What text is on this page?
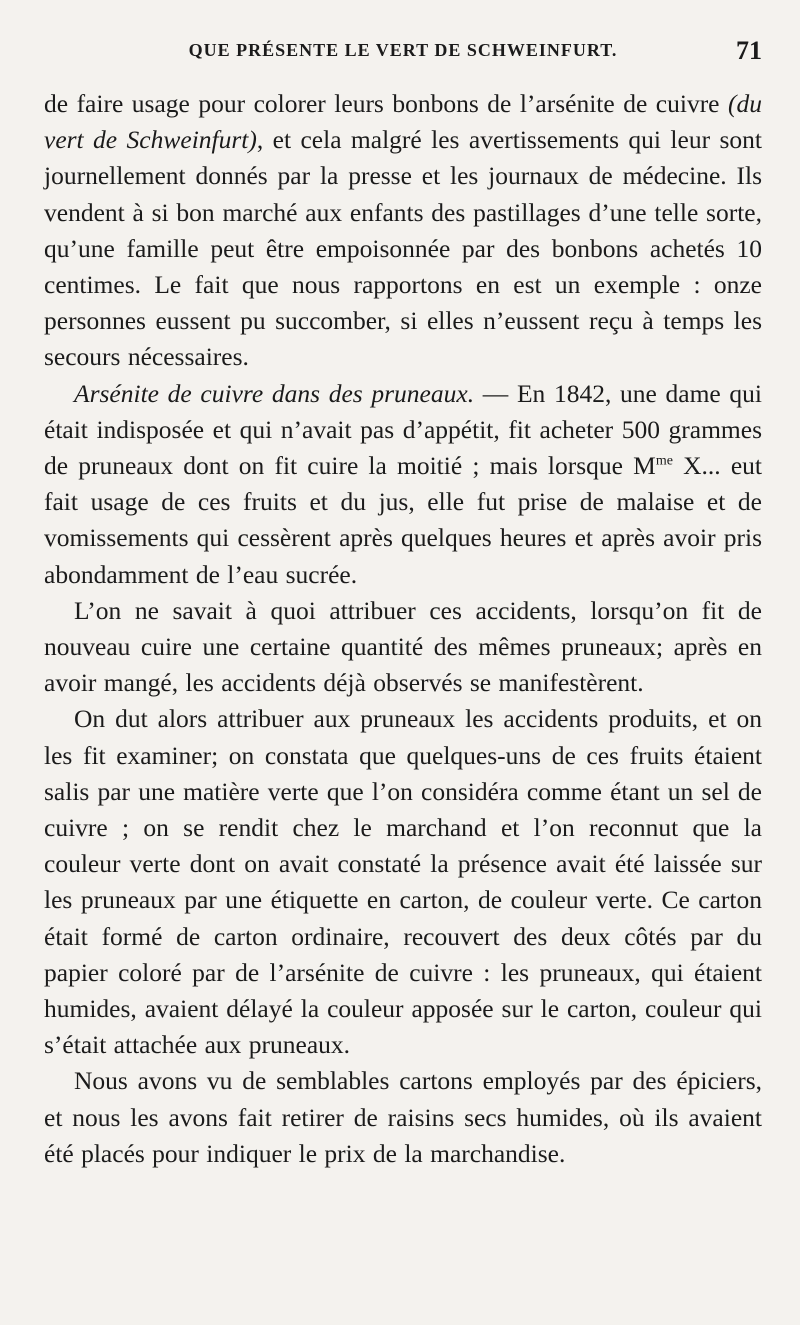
QUE PRÉSENTE LE VERT DE SCHWEINFURT.	71

de faire usage pour colorer leurs bonbons de l’arsénite de cuivre (du vert de Schweinfurt), et cela malgré les avertissements qui leur sont journellement donnés par la presse et les journaux de médecine. Ils vendent à si bon marché aux enfants des pastillages d’une telle sorte, qu’une famille peut être empoisonnée par des bonbons achetés 10 centimes. Le fait que nous rapportons en est un exemple : onze personnes eussent pu succomber, si elles n’eussent reçu à temps les secours nécessaires.

Arsénite de cuivre dans des pruneaux. — En 1842, une dame qui était indisposée et qui n’avait pas d’appétit, fit acheter 500 grammes de pruneaux dont on fit cuire la moitié ; mais lorsque $M^{me}$ X... eut fait usage de ces fruits et du jus, elle fut prise de malaise et de vomissements qui cessèrent après quelques heures et après avoir pris abondamment de l’eau sucrée.

L’on ne savait à quoi attribuer ces accidents, lorsqu’on fit de nouveau cuire une certaine quantité des mêmes pruneaux; après en avoir mangé, les accidents déjà observés se manifestèrent.

On dut alors attribuer aux pruneaux les accidents produits, et on les fit examiner; on constata que quelques-uns de ces fruits étaient salis par une matière verte que l’on considéra comme étant un sel de cuivre ; on se rendit chez le marchand et l’on reconnut que la couleur verte dont on avait constaté la présence avait été laissée sur les pruneaux par une étiquette en carton, de couleur verte. Ce carton était formé de carton ordinaire, recouvert des deux côtés par du papier coloré par de l’arsénite de cuivre : les pruneaux, qui étaient humides, avaient délayé la couleur apposée sur le carton, couleur qui s’était attachée aux pruneaux.

Nous avons vu de semblables cartons employés par des épiciers, et nous les avons fait retirer de raisins secs humides, où ils avaient été placés pour indiquer le prix de la marchandise.
